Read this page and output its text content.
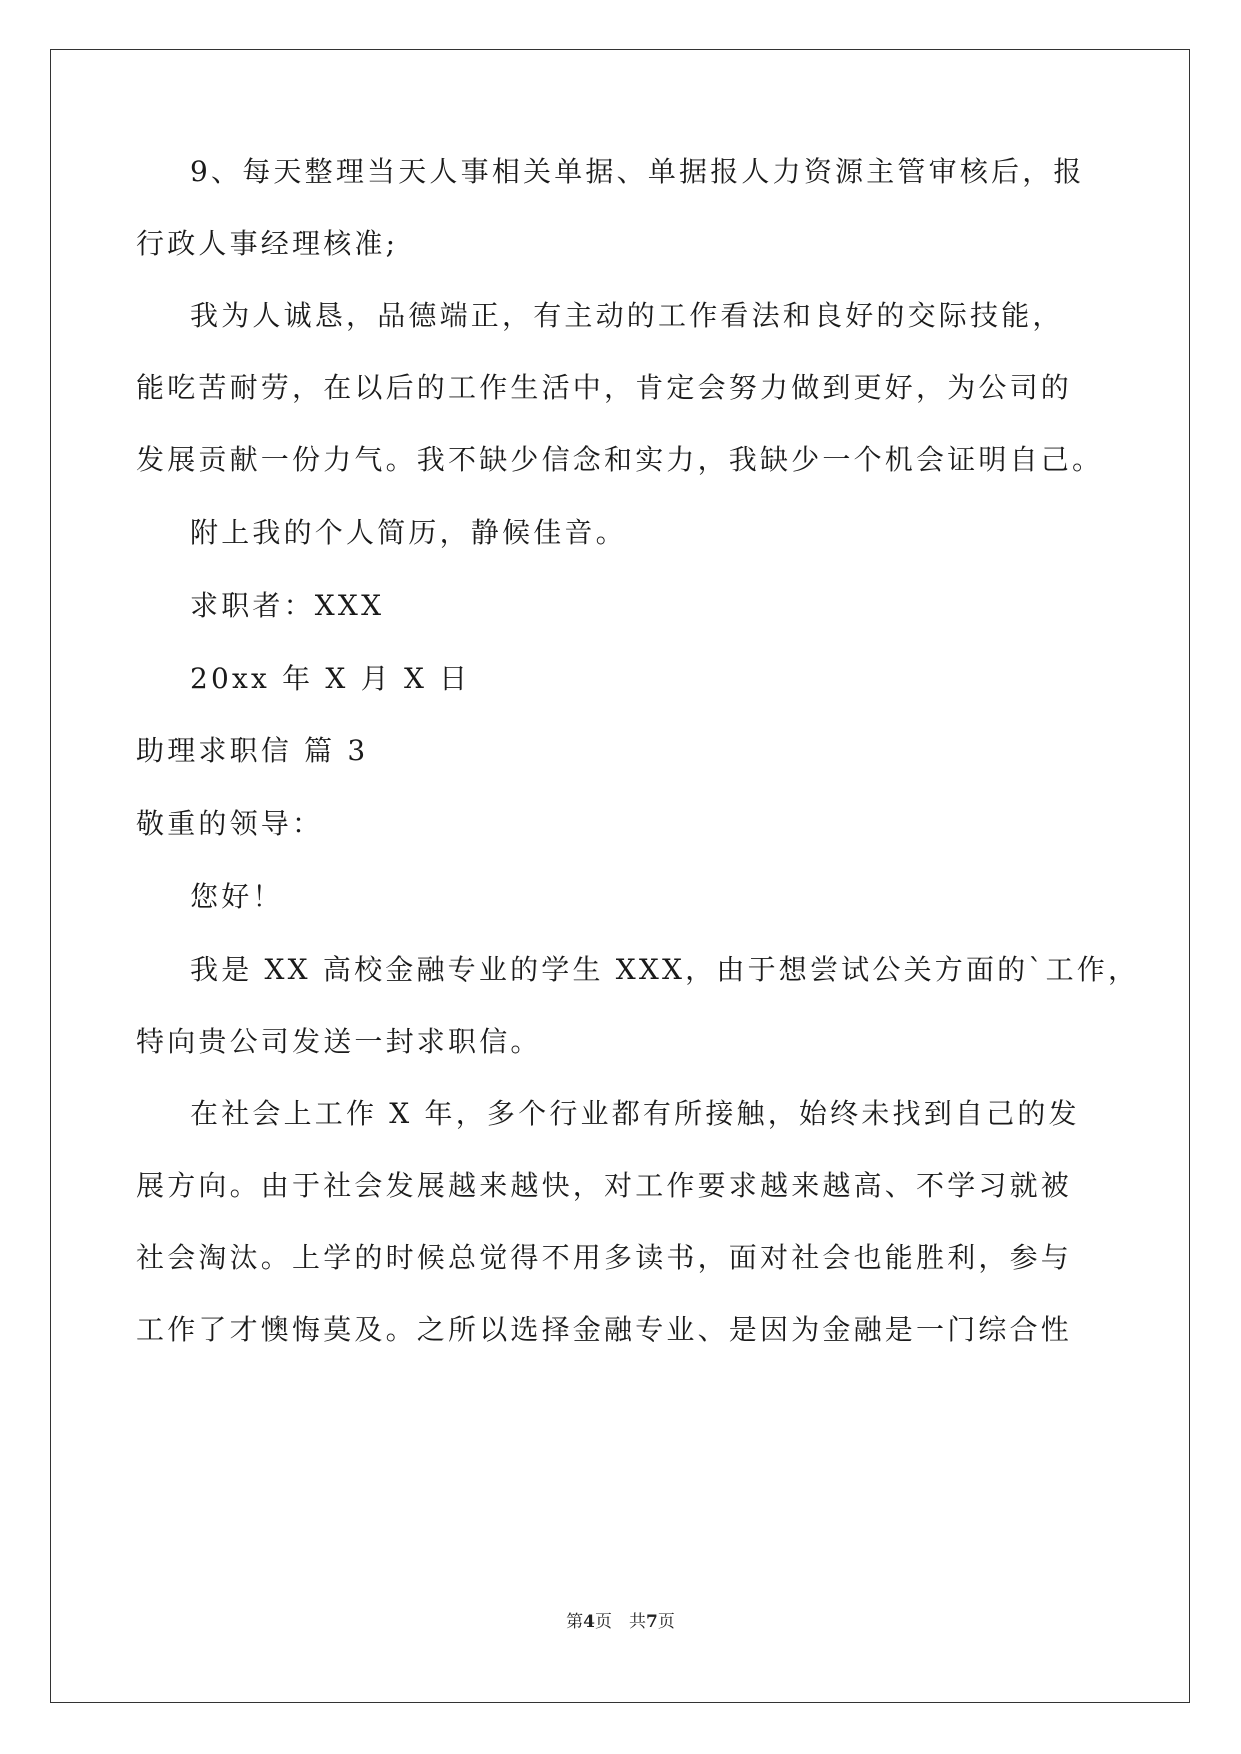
9、每天整理当天人事相关单据、单据报人力资源主管审核后，报
行政人事经理核准;
我为人诚恳，品德端正，有主动的工作看法和良好的交际技能，
能吃苦耐劳，在以后的工作生活中，肯定会努力做到更好，为公司的
发展贡献一份力气。我不缺少信念和实力，我缺少一个机会证明自己。
附上我的个人简历，静候佳音。
求职者：XXX
20xx 年 X 月 X 日
助理求职信 篇 3
敬重的领导：
您好！
我是 XX 高校金融专业的学生 XXX，由于想尝试公关方面的`工作，
特向贵公司发送一封求职信。
在社会上工作 X 年，多个行业都有所接触，始终未找到自己的发
展方向。由于社会发展越来越快，对工作要求越来越高、不学习就被
社会淘汰。上学的时候总觉得不用多读书，面对社会也能胜利，参与
工作了才懊悔莫及。之所以选择金融专业、是因为金融是一门综合性
第4页　共7页
